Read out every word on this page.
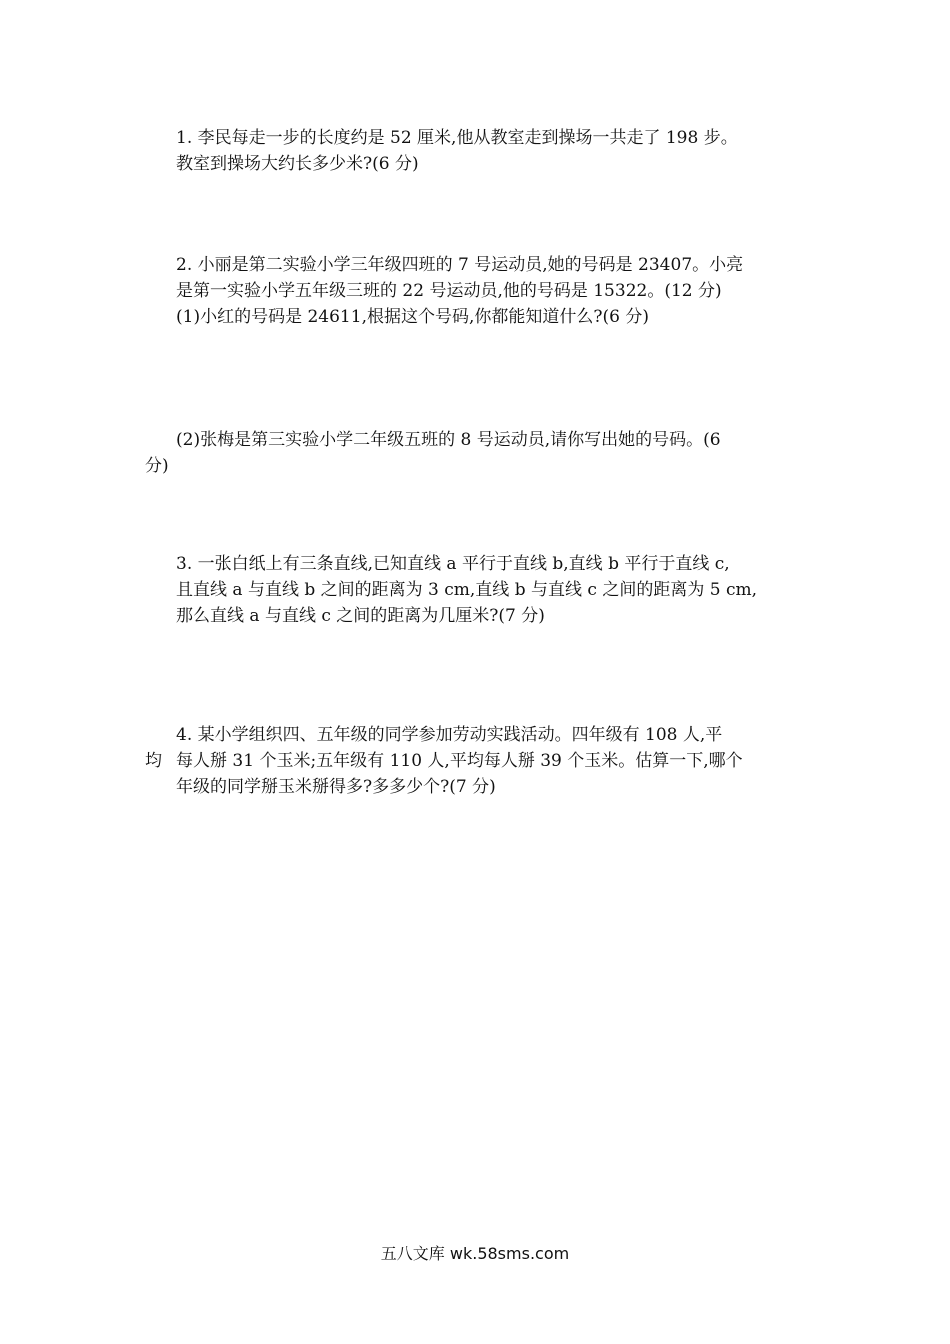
1. 李民每走一步的长度约是 52 厘米,他从教室走到操场一共走了 198 步。
教室到操场大约长多少米?(6 分)
2. 小丽是第二实验小学三年级四班的 7 号运动员,她的号码是 23407。小亮
是第一实验小学五年级三班的 22 号运动员,他的号码是 15322。(12 分)
(1)小红的号码是 24611,根据这个号码,你都能知道什么?(6 分)
(2)张梅是第三实验小学二年级五班的 8 号运动员,请你写出她的号码。(6
分)
3. 一张白纸上有三条直线,已知直线 a 平行于直线 b,直线 b 平行于直线 c,
且直线 a 与直线 b 之间的距离为 3 cm,直线 b 与直线 c 之间的距离为 5 cm,
那么直线 a 与直线 c 之间的距离为几厘米?(7 分)
4. 某小学组织四、五年级的同学参加劳动实践活动。四年级有 108 人,平
均 每人掰 31 个玉米;五年级有 110 人,平均每人掰 39 个玉米。估算一下,哪个
年级的同学掰玉米掰得多?多多少个?(7 分)
五八文库 wk.58sms.com
